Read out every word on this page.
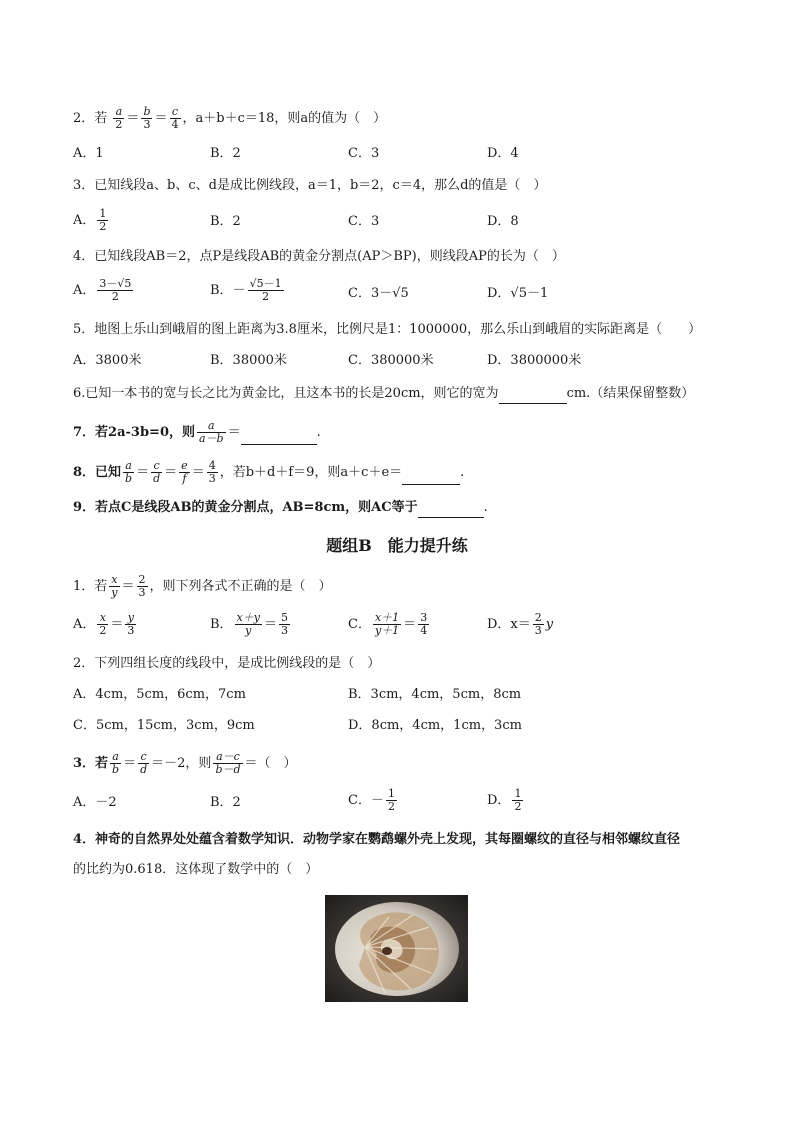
2．若 $\frac{a}{2} = \frac{b}{3} = \frac{c}{4}$ ，a＋b＋c＝18，则a的值为（　）
A．1	B．2	C．3	D．4
3．已知线段a、b、c、d是成比例线段，a＝1，b＝2，c＝4，那么d的值是（　）
A． $\frac{1}{2}$	B．2	C．3	D．8
4．已知线段AB＝2，点P是线段AB的黄金分割点(AP＞BP)，则线段AP的长为（　）
A． $\frac{3-√5}{2}$	B．－ $\frac{√5-1}{2}$	C．3－√5	D．√5－1
5．地图上乐山到峨眉的图上距离为3.8厘米，比例尺是1：1000000，那么乐山到峨眉的实际距离是（　　）
A．3800米	B．38000米	C．380000米	D．3800000米
6.已知一本书的宽与长之比为黄金比，且这本书的长是20cm，则它的宽为	cm.（结果保留整数）
7．若2a-3b=0，则 $\frac{a}{a-b}$ ＝	.
8．已知 $\frac{a}{b} = \frac{c}{d} = \frac{e}{f} = \frac{4}{3}$ ，若b＋d＋f＝9，则a＋c＋e＝	.
9．若点C是线段AB的黄金分割点，AB=8cm，则AC等于	.
题组B　能力提升练
1．若 $\frac{x}{y} = \frac{2}{3}$ ，则下列各式不正确的是（　）
A． $\frac{x}{2} = \frac{y}{3}$	B． $\frac{x+y}{y} = \frac{5}{3}$	C． $\frac{x+1}{y+1} = \frac{3}{4}$	D．$x= \frac{2}{3}$ y
2．下列四组长度的线段中，是成比例线段的是（　）
A．4cm，5cm，6cm，7cm	B．3cm，4cm，5cm，8cm
C．5cm，15cm，3cm，9cm	D．8cm，4cm，1cm，3cm
3．若 $\frac{a}{b} = \frac{c}{d} =-2$，则 $\frac{a-c}{b-d}$ ＝（　）
A．－2	B．2	C．－ $\frac{1}{2}$	D． $\frac{1}{2}$
4．神奇的自然界处处蕴含着数学知识．动物学家在鹦鹉螺外壳上发现，其每圈螺纹的直径与相邻螺纹直径
的比约为0.618．这体现了数学中的（　）
